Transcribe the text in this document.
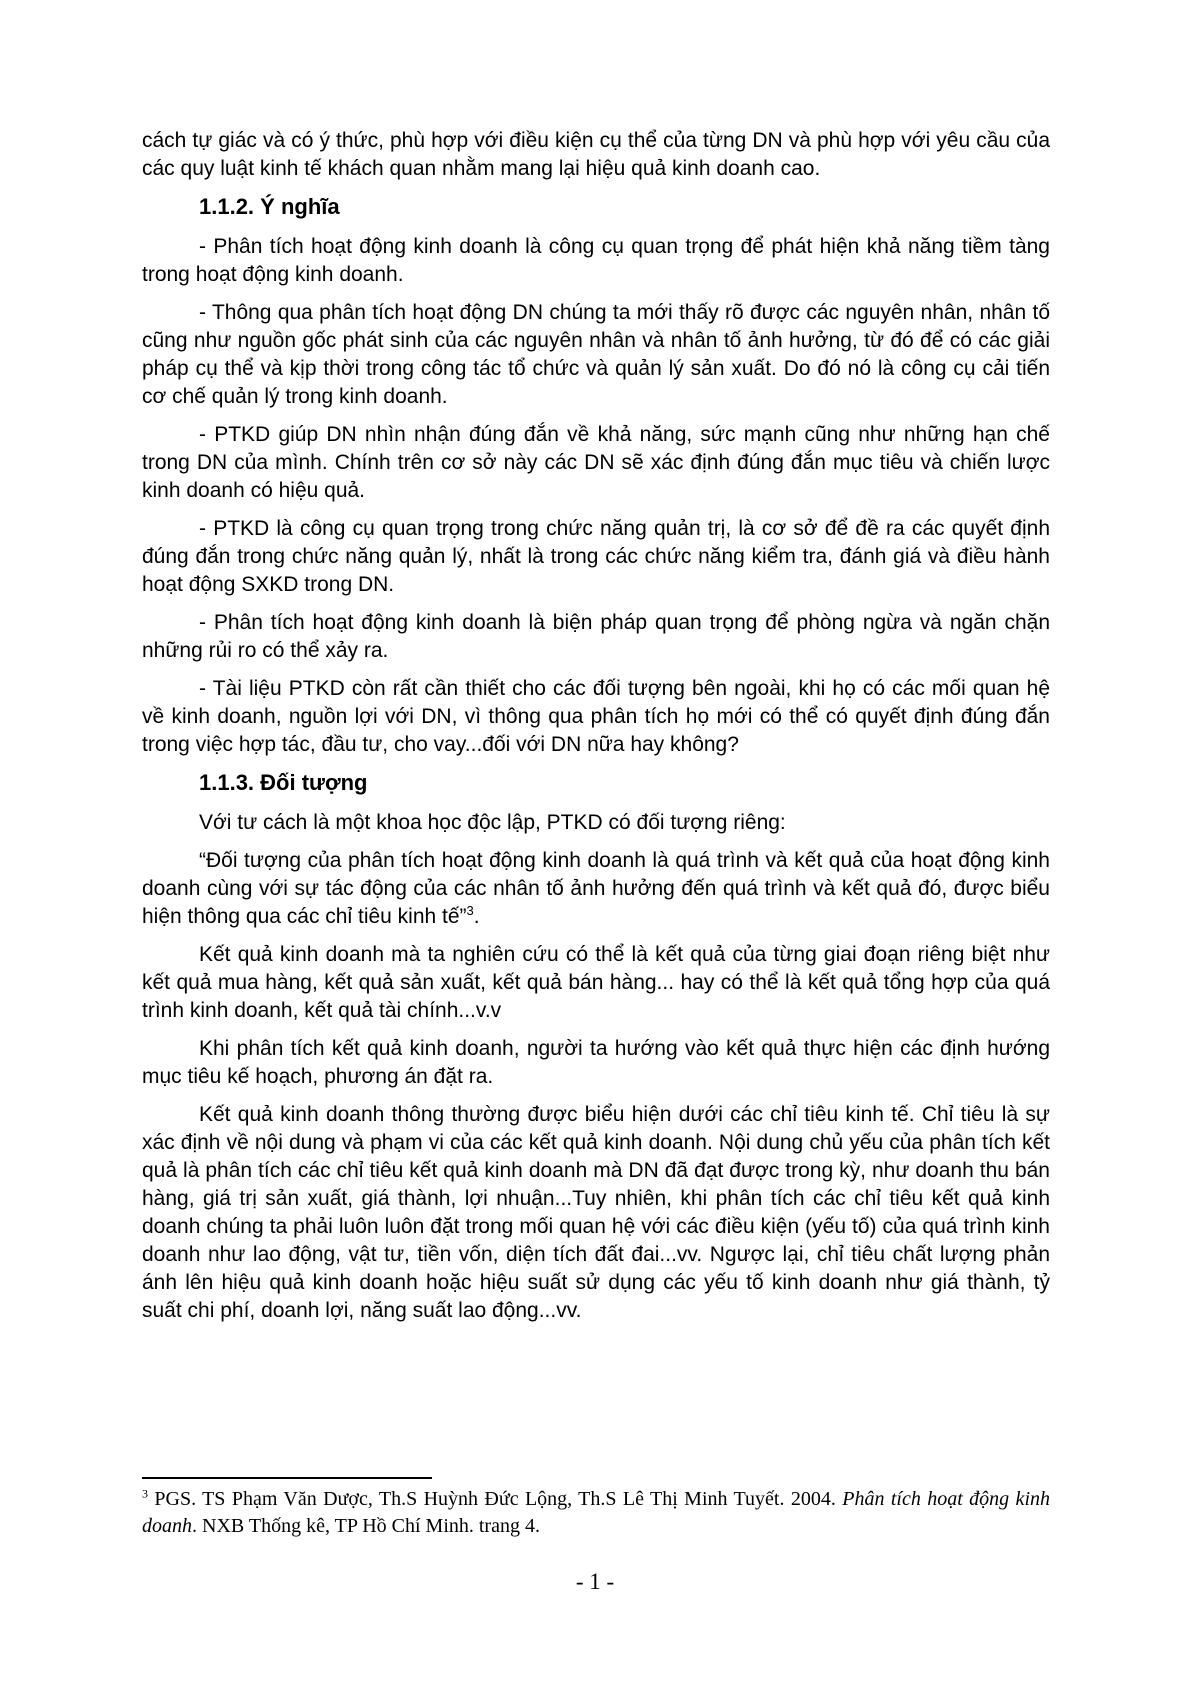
cách tự giác và có ý thức, phù hợp với điều kiện cụ thể của từng DN và phù hợp với yêu cầu của các quy luật kinh tế khách quan nhằm mang lại hiệu quả kinh doanh cao.

1.1.2. Ý nghĩa

- Phân tích hoạt động kinh doanh là công cụ quan trọng để phát hiện khả năng tiềm tàng trong hoạt động kinh doanh.

- Thông qua phân tích hoạt động DN chúng ta mới thấy rõ được các nguyên nhân, nhân tố cũng như nguồn gốc phát sinh của các nguyên nhân và nhân tố ảnh hưởng, từ đó để có các giải pháp cụ thể và kịp thời trong công tác tổ chức và quản lý sản xuất. Do đó nó là công cụ cải tiến cơ chế quản lý trong kinh doanh.

- PTKD giúp DN nhìn nhận đúng đắn về khả năng, sức mạnh cũng như những hạn chế trong DN của mình. Chính trên cơ sở này các DN sẽ xác định đúng đắn mục tiêu và chiến lược kinh doanh có hiệu quả.

- PTKD là công cụ quan trọng trong chức năng quản trị, là cơ sở để đề ra các quyết định đúng đắn trong chức năng quản lý, nhất là trong các chức năng kiểm tra, đánh giá và điều hành hoạt động SXKD trong DN.

- Phân tích hoạt động kinh doanh là biện pháp quan trọng để phòng ngừa và ngăn chặn những rủi ro có thể xảy ra.

- Tài liệu PTKD còn rất cần thiết cho các đối tượng bên ngoài, khi họ có các mối quan hệ về kinh doanh, nguồn lợi với DN, vì thông qua phân tích họ mới có thể có quyết định đúng đắn trong việc hợp tác, đầu tư, cho vay...đối với DN nữa hay không?

1.1.3. Đối tượng

Với tư cách là một khoa học độc lập, PTKD có đối tượng riêng:

“Đối tượng của phân tích hoạt động kinh doanh là quá trình và kết quả của hoạt động kinh doanh cùng với sự tác động của các nhân tố ảnh hưởng đến quá trình và kết quả đó, được biểu hiện thông qua các chỉ tiêu kinh tế”$^3$.

Kết quả kinh doanh mà ta nghiên cứu có thể là kết quả của từng giai đoạn riêng biệt như kết quả mua hàng, kết quả sản xuất, kết quả bán hàng... hay có thể là kết quả tổng hợp của quá trình kinh doanh, kết quả tài chính...v.v

Khi phân tích kết quả kinh doanh, người ta hướng vào kết quả thực hiện các định hướng mục tiêu kế hoạch, phương án đặt ra.

Kết quả kinh doanh thông thường được biểu hiện dưới các chỉ tiêu kinh tế. Chỉ tiêu là sự xác định về nội dung và phạm vi của các kết quả kinh doanh. Nội dung chủ yếu của phân tích kết quả là phân tích các chỉ tiêu kết quả kinh doanh mà DN đã đạt được trong kỳ, như doanh thu bán hàng, giá trị sản xuất, giá thành, lợi nhuận...Tuy nhiên, khi phân tích các chỉ tiêu kết quả kinh doanh chúng ta phải luôn luôn đặt trong mối quan hệ với các điều kiện (yếu tố) của quá trình kinh doanh như lao động, vật tư, tiền vốn, diện tích đất đai...vv. Ngược lại, chỉ tiêu chất lượng phản ánh lên hiệu quả kinh doanh hoặc hiệu suất sử dụng các yếu tố kinh doanh như giá thành, tỷ suất chi phí, doanh lợi, năng suất lao động...vv.

$^3$ PGS. TS Phạm Văn Dược, Th.S Huỳnh Đức Lộng, Th.S Lê Thị Minh Tuyết. 2004. Phân tích hoạt động kinh doanh. NXB Thống kê, TP Hồ Chí Minh. trang 4.
- 1 -
